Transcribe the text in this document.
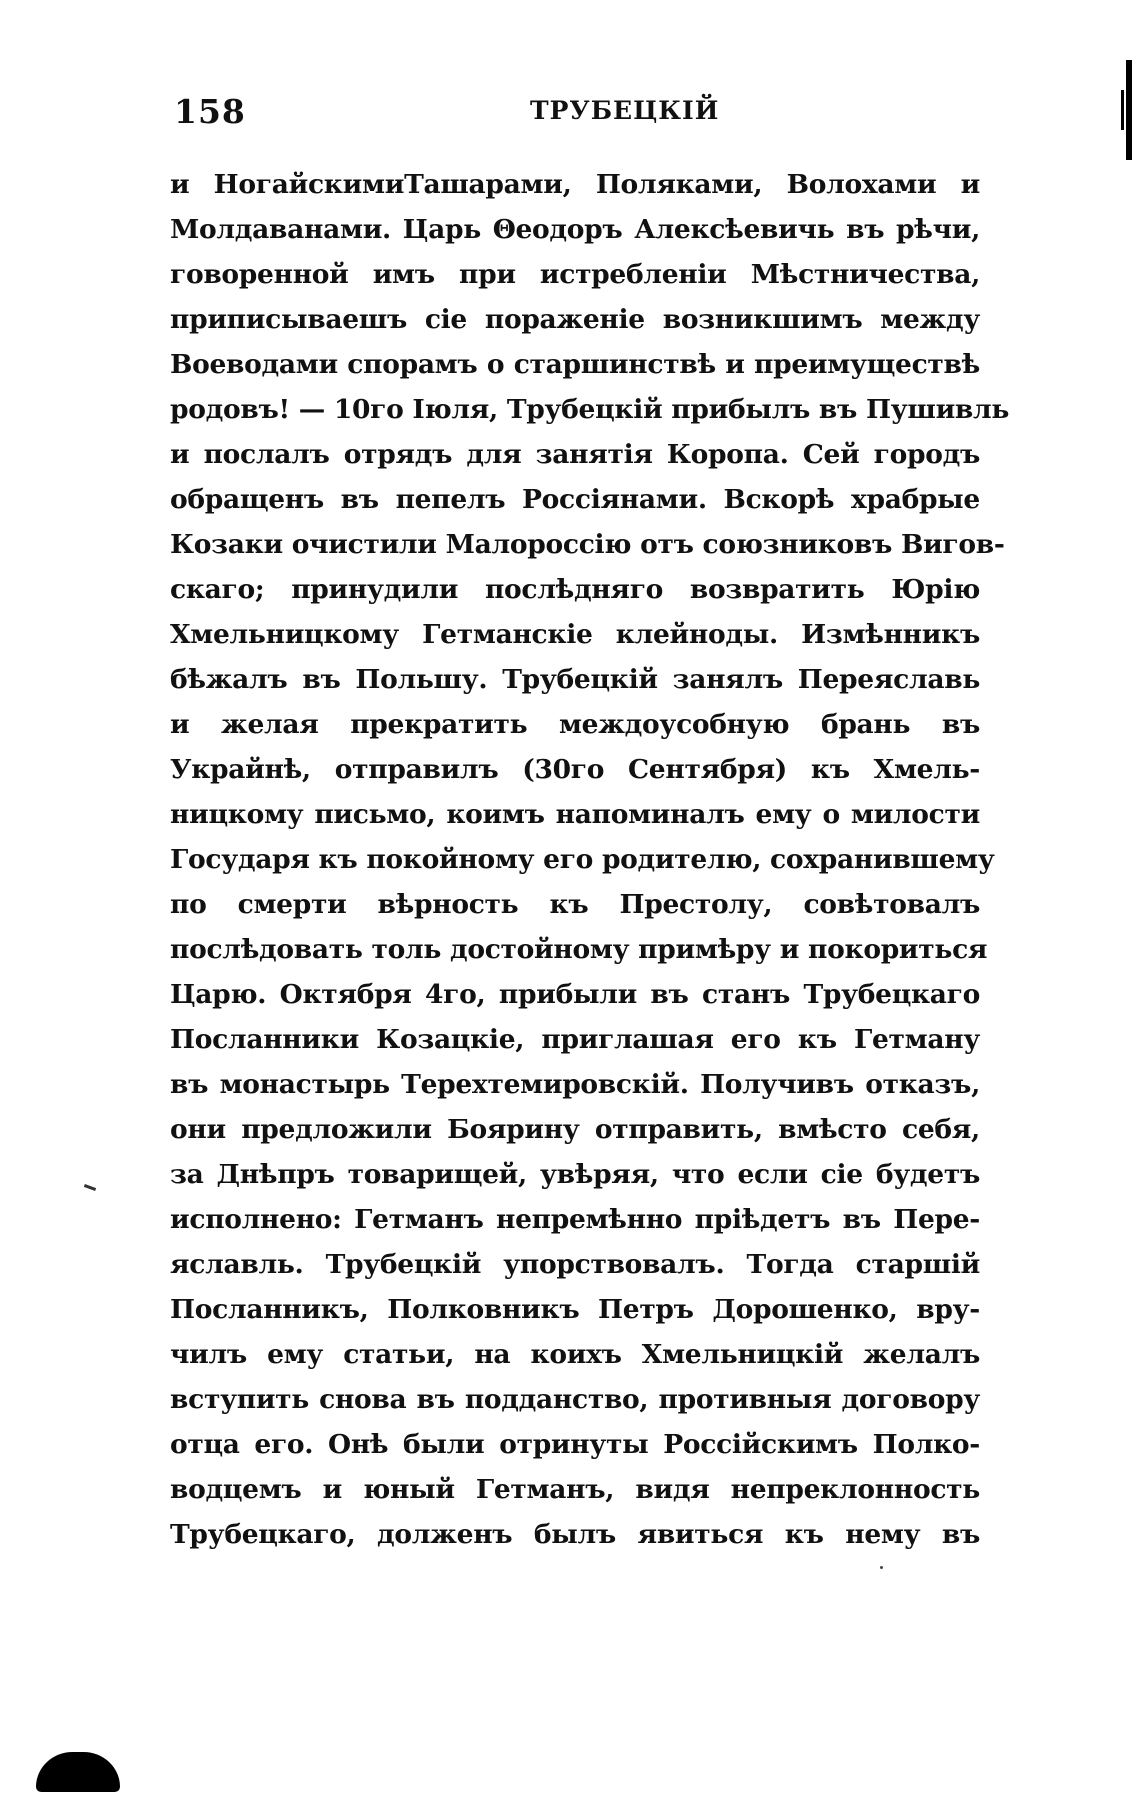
158	ТРУБЕЦКІЙ
и НогайскимиТашарами, Поляками, Волохами и
Молдаванами. Царь Θеодоръ Алексѣевичь въ рѣчи,
говоренной имъ при истребленіи Мѣстничества,
приписываешъ сіе пораженіе возникшимъ между
Воеводами спорамъ о старшинствѣ и преимуществѣ
родовъ! — 10го Іюля, Трубецкій прибылъ въ Пушивль
и послалъ отрядъ для занятія Коропа. Сей городъ
обращенъ въ пепелъ Россіянами. Вскорѣ храбрые
Козаки очистили Малороссію отъ союзниковъ Вигов-
скаго; принудили послѣдняго возвратить Юрію
Хмельницкому Гетманскіе клейноды. Измѣнникъ
бѣжалъ въ Польшу. Трубецкій занялъ Переяславь
и желая прекратить междоусобную брань въ
Украйнѣ, отправилъ (30го Сентября) къ Хмель-
ницкому письмо, коимъ напоминалъ ему о милости
Государя къ покойному его родителю, сохранившему
по смерти вѣрность къ Престолу, совѣтовалъ
послѣдовать толь достойному примѣру и покориться
Царю. Октября 4го, прибыли въ станъ Трубецкаго
Посланники Козацкіе, приглашая его къ Гетману
въ монастырь Терехтемировскій. Получивъ отказъ,
они предложили Боярину отправить, вмѣсто себя,
за Днѣпръ товарищей, увѣряя, что если сіе будетъ
исполнено: Гетманъ непремѣнно пріѣдетъ въ Пере-
яславль. Трубецкій упорствовалъ. Тогда старшій
Посланникъ, Полковникъ Петръ Дорошенко, вру-
чилъ ему статьи, на коихъ Хмельницкій желалъ
вступить снова въ подданство, противныя договору
отца его. Онѣ были отринуты Россійскимъ Полко-
водцемъ и юный Гетманъ, видя непреклонность
Трубецкаго, долженъ былъ явиться къ нему въ
